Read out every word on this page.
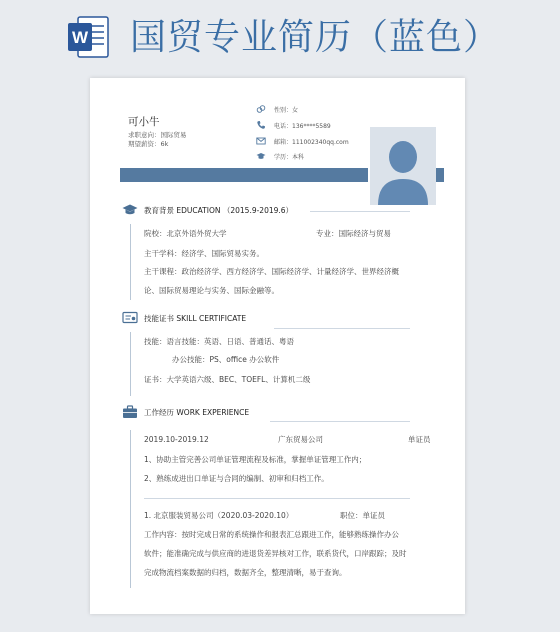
W 国贸专业简历（蓝色）
可小牛
求职意向：国际贸易
期望薪资：6k
性别：女
电话：136****5589
邮箱：111002340qq.com
学历：本科
教育背景 EDUCATION （2015.9-2019.6）
院校：北京外语外贸大学	专业：国际经济与贸易
主干学科：经济学、国际贸易实务。
主干课程：政治经济学、西方经济学、国际经济学、计量经济学、世界经济概
论、国际贸易理论与实务、国际金融等。
技能证书 SKILL CERTIFICATE
技能：语言技能：英语、日语、普通话、粤语
办公技能：PS、office 办公软件
证书：大学英语六级、BEC、TOEFL、计算机二级
工作经历 WORK EXPERIENCE
2019.10-2019.12	广东贸易公司	单证员
1、协助主管完善公司单证管理流程及标准，掌握单证管理工作内；
2、熟练成进出口单证与合同的编制、初审和归档工作。
1. 北京服装贸易公司（2020.03-2020.10）	职位：单证员
工作内容：按时完成日常的系统操作和报表汇总跟进工作，能够熟练操作办公
软件；能准确完成与供应商的进退货差异核对工作，联系货代，口岸跟踪；及时
完成物流档案数据的归档，数据齐全，整理清晰，易于查询。
